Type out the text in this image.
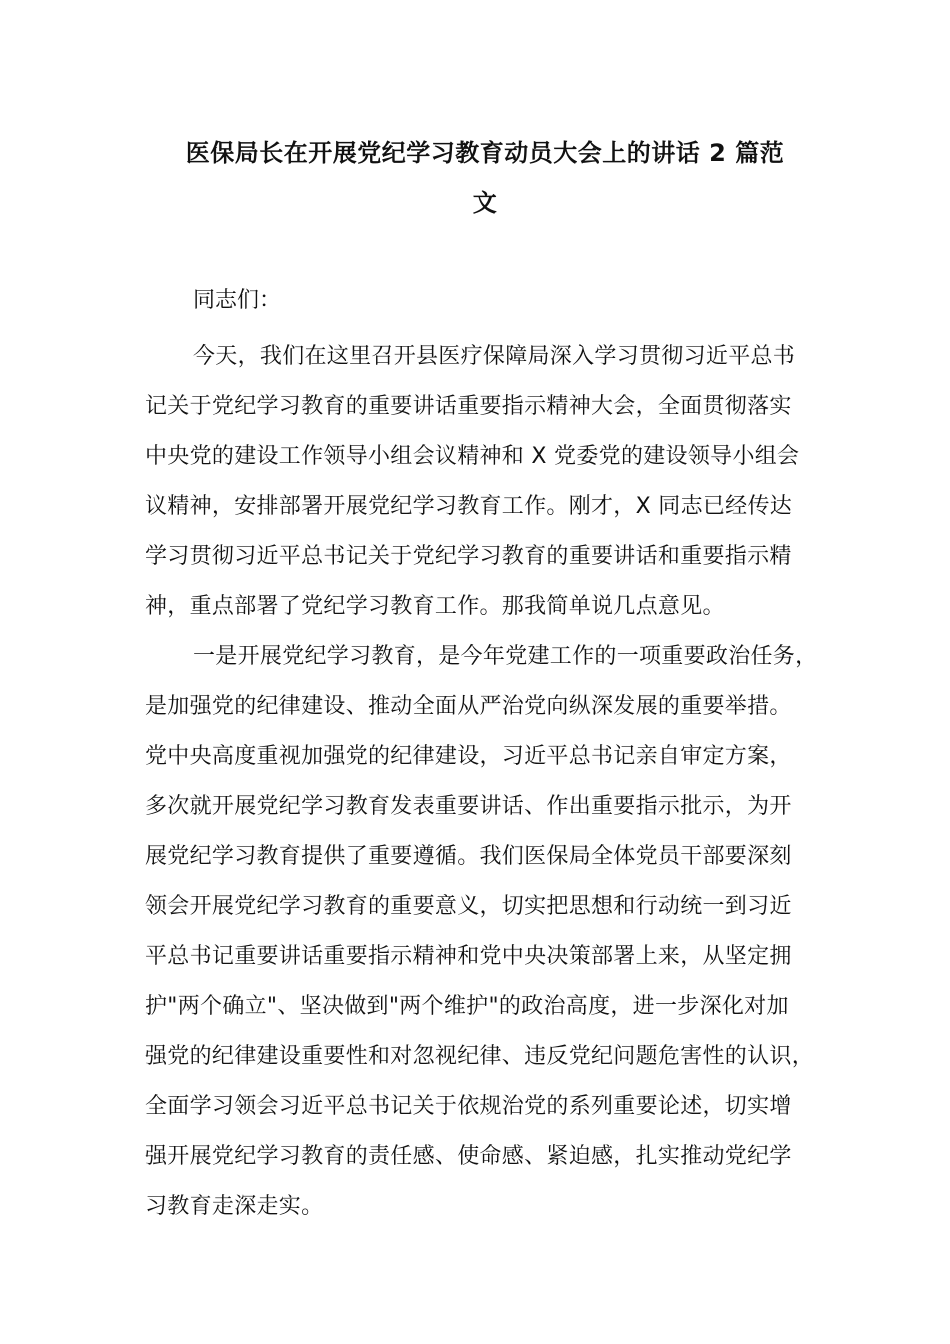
医保局长在开展党纪学习教育动员大会上的讲话 2 篇范
文

同志们：

今天，我们在这里召开县医疗保障局深入学习贯彻习近平总书
记关于党纪学习教育的重要讲话重要指示精神大会，全面贯彻落实
中央党的建设工作领导小组会议精神和 X 党委党的建设领导小组会
议精神，安排部署开展党纪学习教育工作。刚才，X 同志已经传达
学习贯彻习近平总书记关于党纪学习教育的重要讲话和重要指示精
神，重点部署了党纪学习教育工作。那我简单说几点意见。

一是开展党纪学习教育，是今年党建工作的一项重要政治任务，
是加强党的纪律建设、推动全面从严治党向纵深发展的重要举措。
党中央高度重视加强党的纪律建设，习近平总书记亲自审定方案，
多次就开展党纪学习教育发表重要讲话、作出重要指示批示，为开
展党纪学习教育提供了重要遵循。我们医保局全体党员干部要深刻
领会开展党纪学习教育的重要意义，切实把思想和行动统一到习近
平总书记重要讲话重要指示精神和党中央决策部署上来，从坚定拥
护"两个确立"、坚决做到"两个维护"的政治高度，进一步深化对加
强党的纪律建设重要性和对忽视纪律、违反党纪问题危害性的认识，
全面学习领会习近平总书记关于依规治党的系列重要论述，切实增
强开展党纪学习教育的责任感、使命感、紧迫感，扎实推动党纪学
习教育走深走实。
